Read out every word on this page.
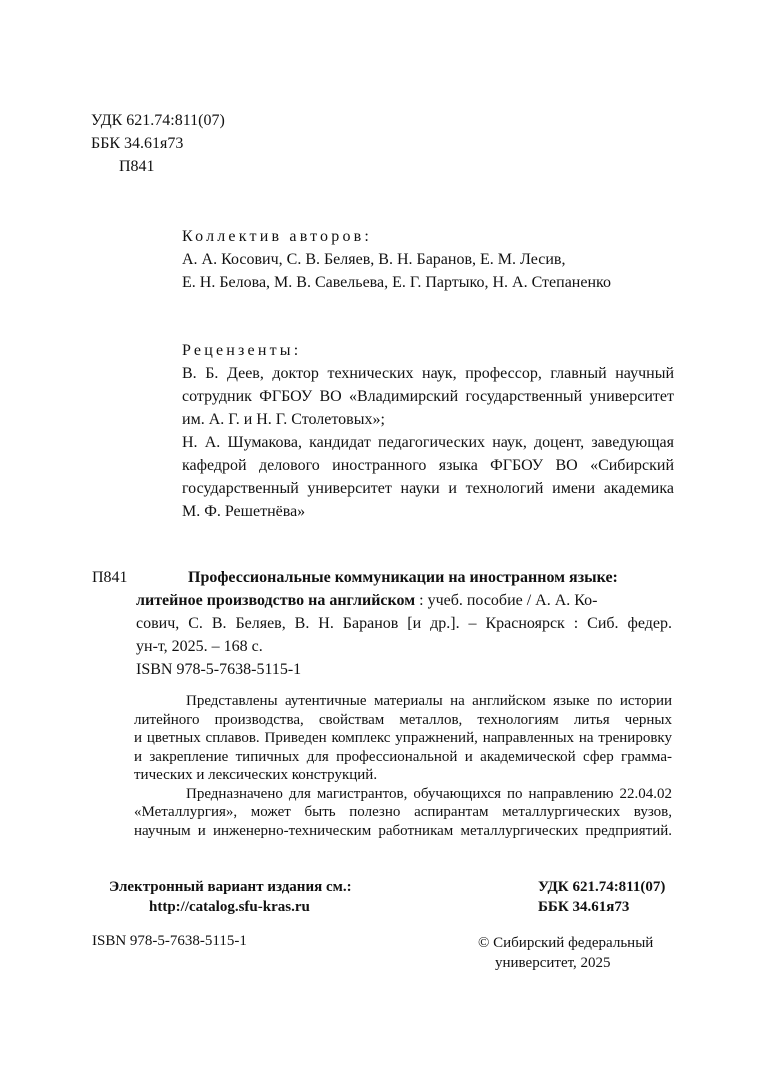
УДК 621.74:811(07)
ББК 34.61я73
П841
Коллектив авторов:
А. А. Косович, С. В. Беляев, В. Н. Баранов, Е. М. Лесив,
Е. Н. Белова, М. В. Савельева, Е. Г. Партыко, Н. А. Степаненко
Рецензенты:
В. Б. Деев, доктор технических наук, профессор, главный научный
сотрудник ФГБОУ ВО «Владимирский государственный университет
им. А. Г. и Н. Г. Столетовых»;
Н. А. Шумакова, кандидат педагогических наук, доцент, заведующая
кафедрой делового иностранного языка ФГБОУ ВО «Сибирский
государственный университет науки и технологий имени академика
М. Ф. Решетнёва»
П841	Профессиональные коммуникации на иностранном языке:
литейное производство на английском : учеб. пособие / А. А. Ко-
сович, С. В. Беляев, В. Н. Баранов [и др.]. – Красноярск : Сиб. федер.
ун-т, 2025. – 168 с.
ISBN 978-5-7638-5115-1
Представлены аутентичные материалы на английском языке по истории
литейного производства, свойствам металлов, технологиям литья черных
и цветных сплавов. Приведен комплекс упражнений, направленных на тренировку
и закрепление типичных для профессиональной и академической сфер граммa-
тических и лексических конструкций.
Предназначено для магистрантов, обучающихся по направлению 22.04.02
«Металлургия», может быть полезно аспирантам металлургических вузов,
научным и инженерно-техническим работникам металлургических предприятий.
Электронный вариант издания см.:
http://catalog.sfu-kras.ru
УДК 621.74:811(07)
ББК 34.61я73
ISBN 978-5-7638-5115-1	© Сибирский федеральный
университет, 2025
